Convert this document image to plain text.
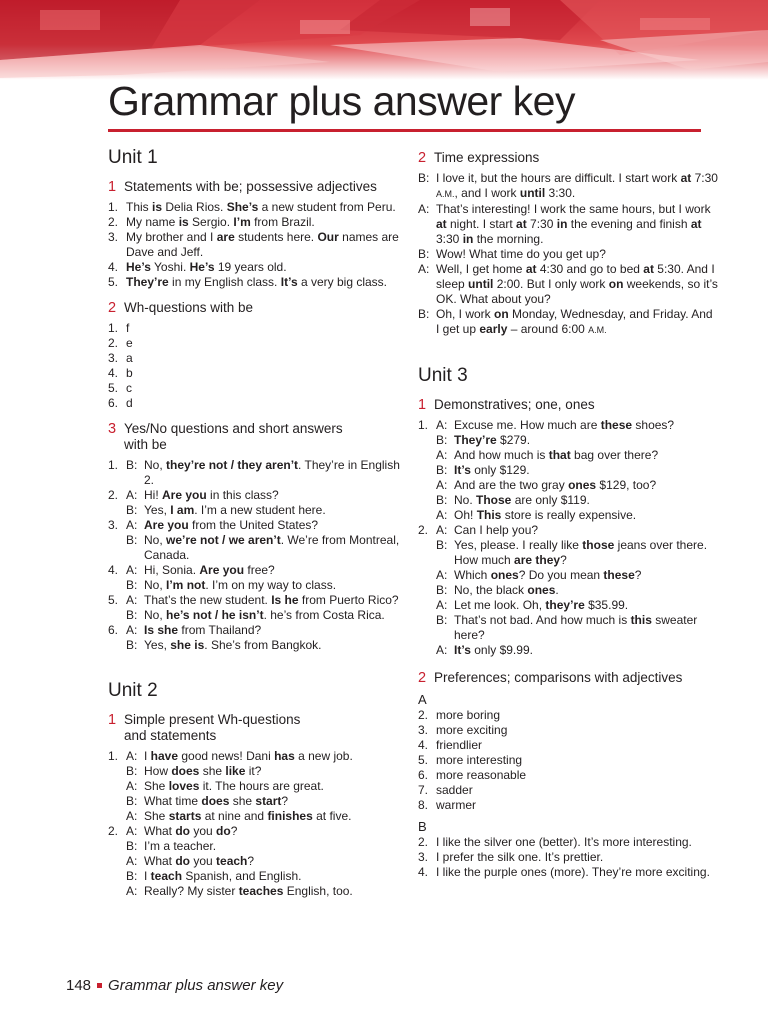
Grammar plus answer key
Unit 1
1 Statements with be; possessive adjectives
1. This is Delia Rios. She’s a new student from Peru.
2. My name is Sergio. I’m from Brazil.
3. My brother and I are students here. Our names are Dave and Jeff.
4. He’s Yoshi. He’s 19 years old.
5. They’re in my English class. It’s a very big class.
2 Wh-questions with be
1. f
2. e
3. a
4. b
5. c
6. d
3 Yes/No questions and short answers with be
1. B: No, they’re not / they aren’t. They’re in English 2.
2. A: Hi! Are you in this class?
B: Yes, I am. I’m a new student here.
3. A: Are you from the United States?
B: No, we’re not / we aren’t. We’re from Montreal, Canada.
4. A: Hi, Sonia. Are you free?
B: No, I’m not. I’m on my way to class.
5. A: That’s the new student. Is he from Puerto Rico?
B: No, he’s not / he isn’t. he’s from Costa Rica.
6. A: Is she from Thailand?
B: Yes, she is. She’s from Bangkok.
Unit 2
1 Simple present Wh-questions and statements
1. A: I have good news! Dani has a new job.
B: How does she like it?
A: She loves it. The hours are great.
B: What time does she start?
A: She starts at nine and finishes at five.
2. A: What do you do?
B: I’m a teacher.
A: What do you teach?
B: I teach Spanish, and English.
A: Really? My sister teaches English, too.
2 Time expressions
B: I love it, but the hours are difficult. I start work at 7:30 A.M., and I work until 3:30.
A: That’s interesting! I work the same hours, but I work at night. I start at 7:30 in the evening and finish at 3:30 in the morning.
B: Wow! What time do you get up?
A: Well, I get home at 4:30 and go to bed at 5:30. And I sleep until 2:00. But I only work on weekends, so it’s OK. What about you?
B: Oh, I work on Monday, Wednesday, and Friday. And I get up early – around 6:00 A.M.
Unit 3
1 Demonstratives; one, ones
1. A: Excuse me. How much are these shoes?
B: They’re $279.
A: And how much is that bag over there?
B: It’s only $129.
A: And are the two gray ones $129, too?
B: No. Those are only $119.
A: Oh! This store is really expensive.
2. A: Can I help you?
B: Yes, please. I really like those jeans over there. How much are they?
A: Which ones? Do you mean these?
B: No, the black ones.
A: Let me look. Oh, they’re $35.99.
B: That’s not bad. And how much is this sweater here?
A: It’s only $9.99.
2 Preferences; comparisons with adjectives
A
2. more boring
3. more exciting
4. friendlier
5. more interesting
6. more reasonable
7. sadder
8. warmer
B
2. I like the silver one (better). It’s more interesting.
3. I prefer the silk one. It’s prettier.
4. I like the purple ones (more). They’re more exciting.
148 Grammar plus answer key
